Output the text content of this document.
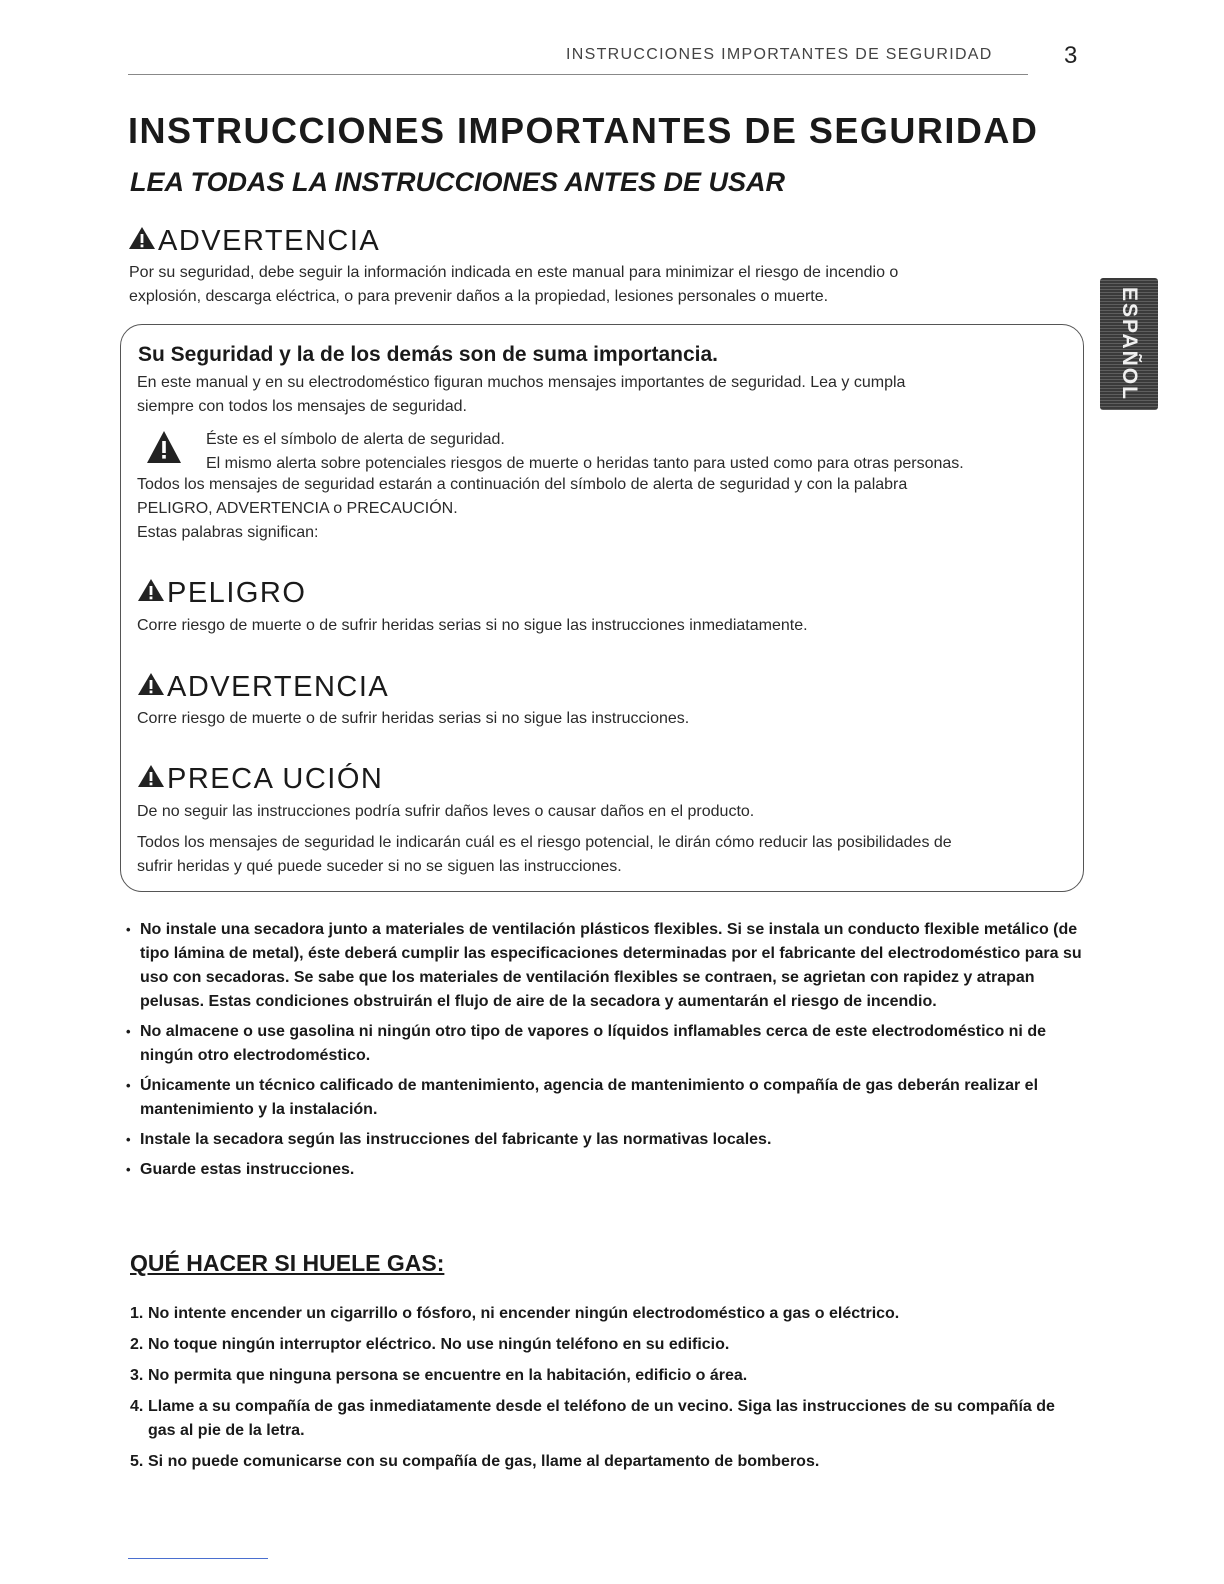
INSTRUCCIONES IMPORTANTES DE SEGURIDAD	3
ESPAÑOL
INSTRUCCIONES IMPORTANTES DE SEGURIDAD
LEA TODAS LA INSTRUCCIONES ANTES DE USAR
ADVERTENCIA
Por su seguridad, debe seguir la información indicada en este manual para minimizar el riesgo de incendio o
explosión, descarga eléctrica, o para prevenir daños a la propiedad, lesiones personales o muerte.
Su Seguridad y la de los demás son de suma importancia.
En este manual y en su electrodoméstico figuran muchos mensajes importantes de seguridad. Lea y cumpla
siempre con todos los mensajes de seguridad.
Éste es el símbolo de alerta de seguridad.
El mismo alerta sobre potenciales riesgos de muerte o heridas tanto para usted como para otras personas.
Todos los mensajes de seguridad estarán a continuación del símbolo de alerta de seguridad y con la palabra
PELIGRO, ADVERTENCIA o PRECAUCIÓN.
Estas palabras significan:
PELIGRO
Corre riesgo de muerte o de sufrir heridas serias si no sigue las instrucciones inmediatamente.
ADVERTENCIA
Corre riesgo de muerte o de sufrir heridas serias si no sigue las instrucciones.
PRECA UCIÓN
De no seguir las instrucciones podría sufrir daños leves o causar daños en el producto.
Todos los mensajes de seguridad le indicarán cuál es el riesgo potencial, le dirán cómo reducir las posibilidades de
sufrir heridas y qué puede suceder si no se siguen las instrucciones.
• No instale una secadora junto a materiales de ventilación plásticos flexibles. Si se instala un conducto flexible metálico (de tipo lámina de metal), éste deberá cumplir las especificaciones determinadas por el fabricante del electrodoméstico para su uso con secadoras. Se sabe que los materiales de ventilación flexibles se contraen, se agrietan con rapidez y atrapan pelusas. Estas condiciones obstruirán el flujo de aire de la secadora y aumentarán el riesgo de incendio.
• No almacene o use gasolina ni ningún otro tipo de vapores o líquidos inflamables cerca de este electrodoméstico ni de ningún otro electrodoméstico.
• Únicamente un técnico calificado de mantenimiento, agencia de mantenimiento o compañía de gas deberán realizar el mantenimiento y la instalación.
• Instale la secadora según las instrucciones del fabricante y las normativas locales.
• Guarde estas instrucciones.
QUÉ HACER SI HUELE GAS:
1. No intente encender un cigarrillo o fósforo, ni encender ningún electrodoméstico a gas o eléctrico.
2. No toque ningún interruptor eléctrico. No use ningún teléfono en su edificio.
3. No permita que ninguna persona se encuentre en la habitación, edificio o área.
4. Llame a su compañía de gas inmediatamente desde el teléfono de un vecino. Siga las instrucciones de su compañía de gas al pie de la letra.
5. Si no puede comunicarse con su compañía de gas, llame al departamento de bomberos.
